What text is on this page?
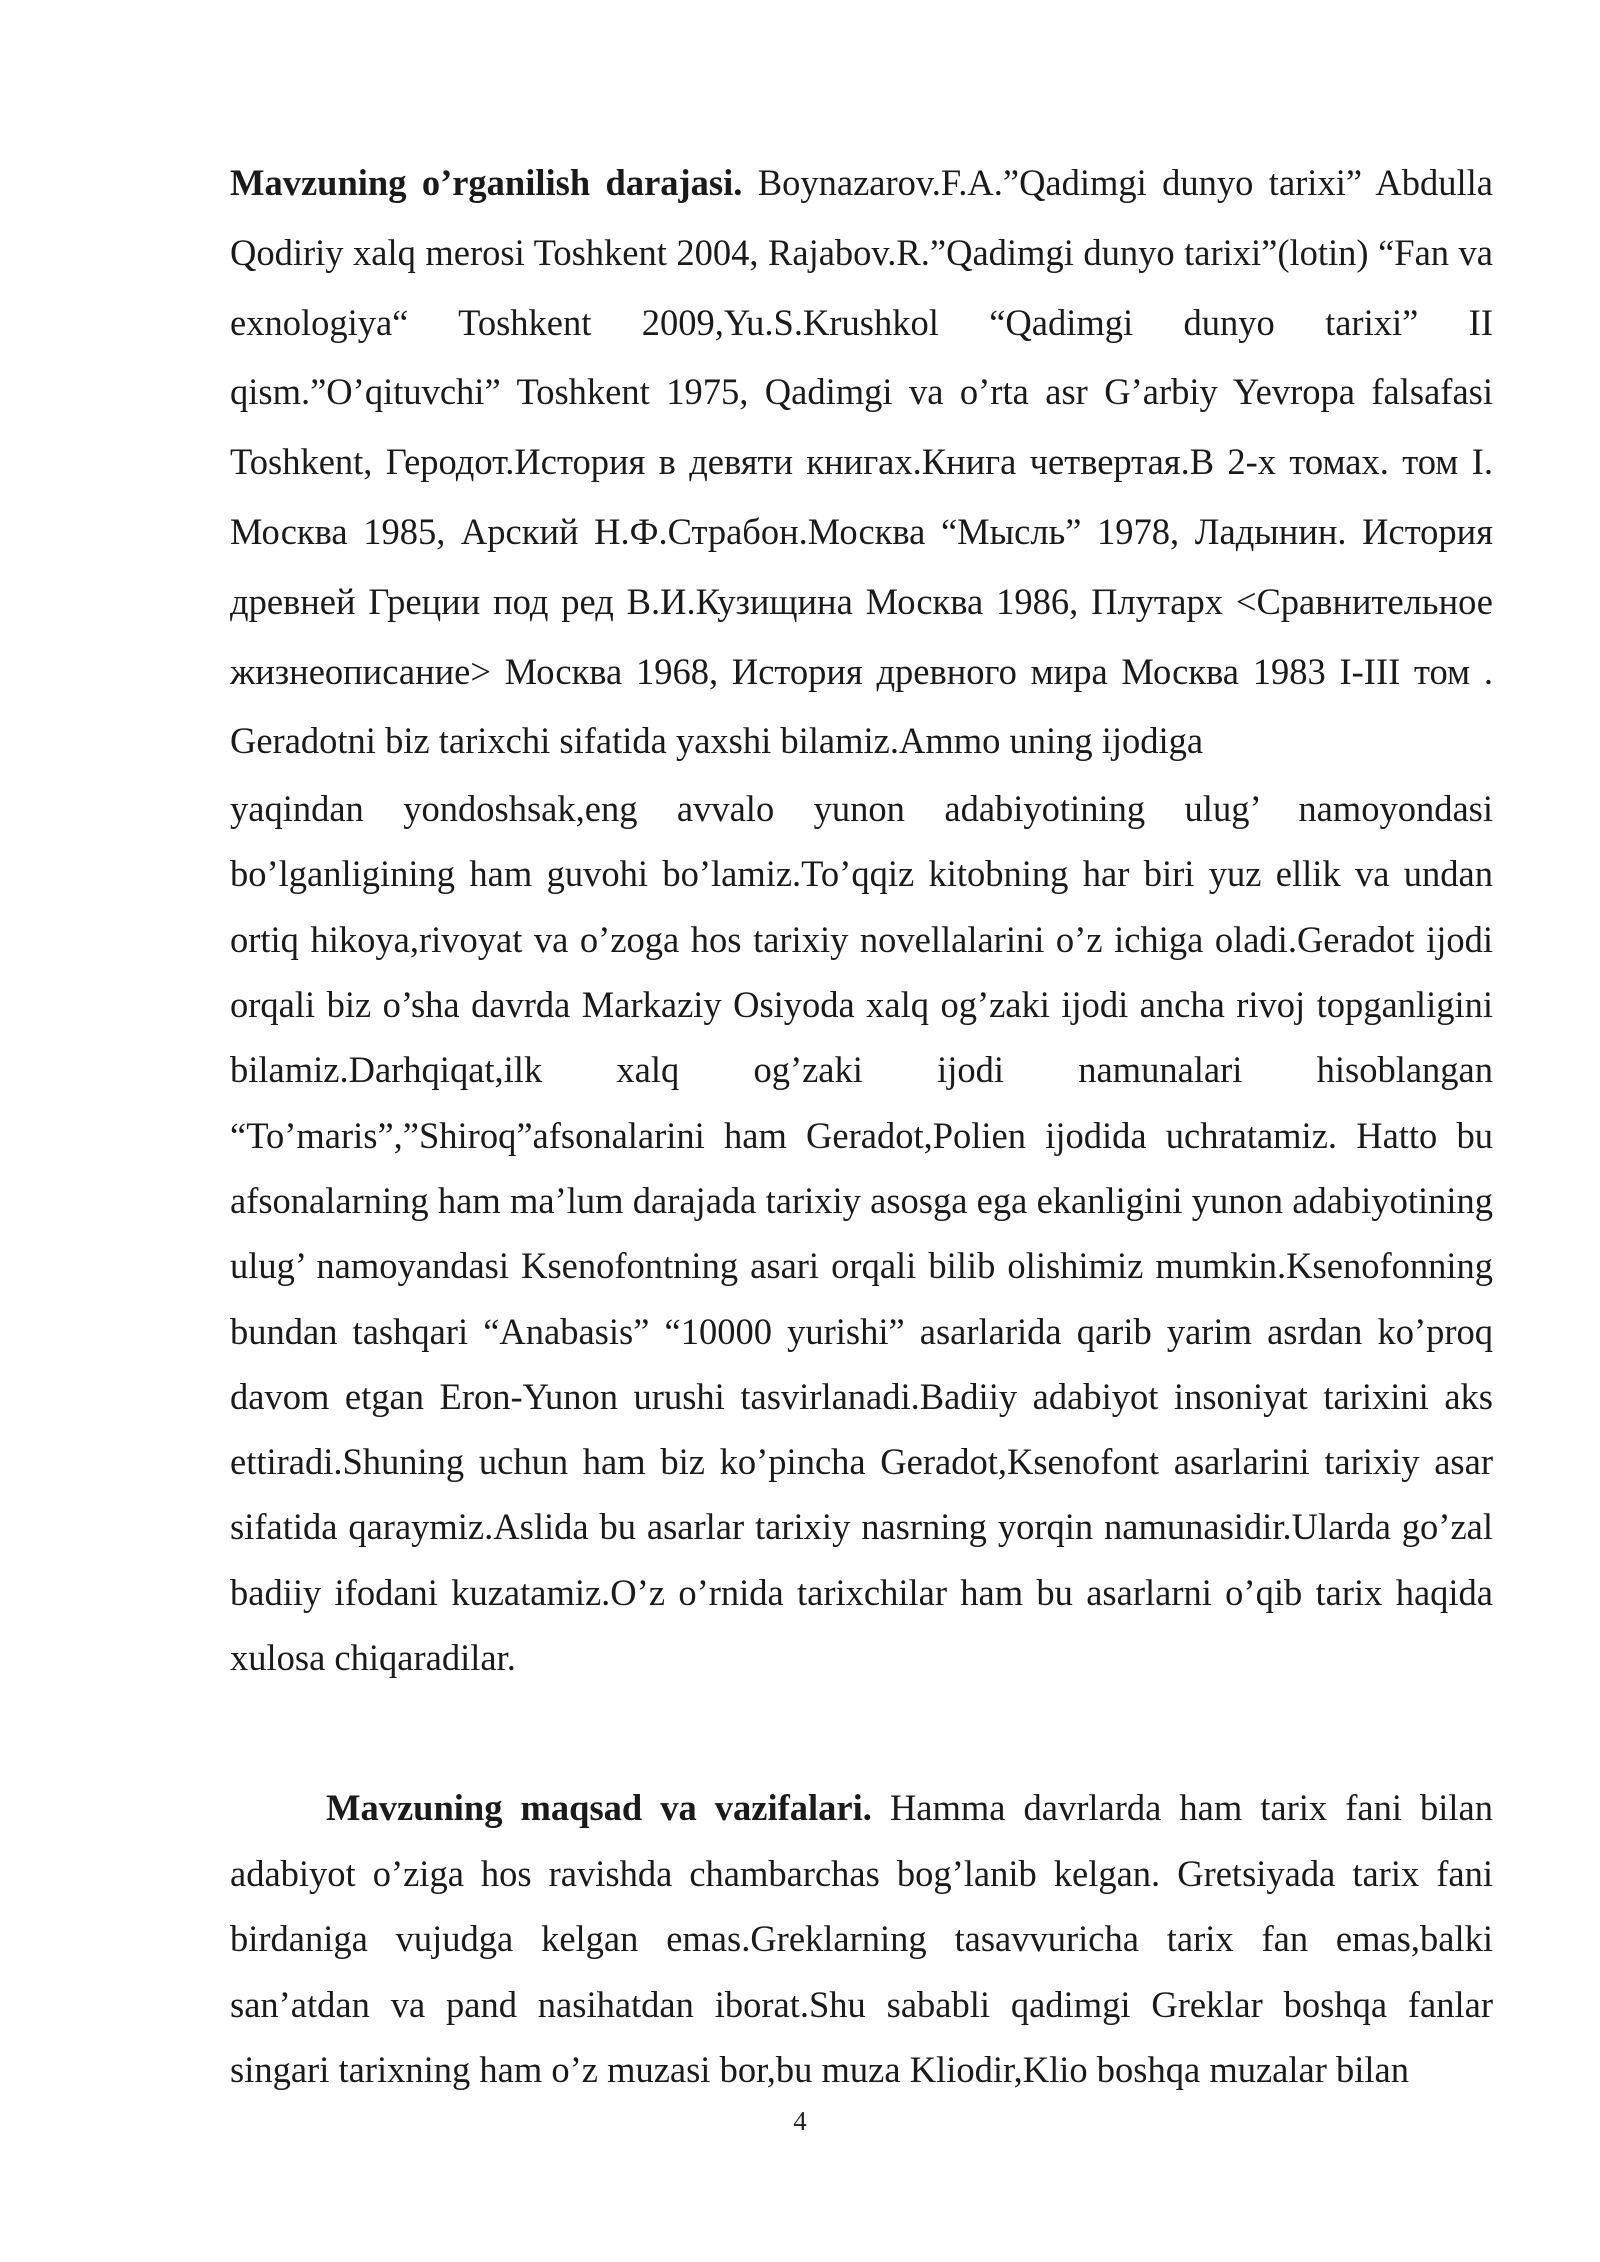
Mavzuning o’rganilish darajasi. Boynazarov.F.A.”Qadimgi dunyo tarixi” Abdulla Qodiriy xalq merosi Toshkent 2004, Rajabov.R.”Qadimgi dunyo tarixi”(lotin) “Fan va exnologiya“ Toshkent 2009,Yu.S.Krushkol “Qadimgi dunyo tarixi” II qism.”O’qituvchi” Toshkent 1975, Qadimgi va o’rta asr G’arbiy Yevropa falsafasi Toshkent, Геродот.История в девяти книгах.Книга четвертая.В 2-х томах. том I. Москва 1985, Арский Н.Ф.Страбон.Москва “Мысль” 1978, Ладынин. История древней Греции под ред В.И.Кузищина Москва 1986, Плутарх <Сравнительное жизнеописание> Москва 1968, История древного мира Москва 1983 I-III том . Geradotni biz tarixchi sifatida yaxshi bilamiz.Ammo uning ijodiga
yaqindan yondoshsak,eng avvalo yunon adabiyotining ulug’ namoyondasi bo’lganligining ham guvohi bo’lamiz.To’qqiz kitobning har biri yuz ellik va undan ortiq hikoya,rivoyat va o’zoga hos tarixiy novellalarini o’z ichiga oladi.Geradot ijodi orqali biz o’sha davrda Markaziy Osiyoda xalq og’zaki ijodi ancha rivoj topganligini bilamiz.Darhqiqat,ilk xalq og’zaki ijodi namunalari hisoblangan “To’maris”,”Shiroq”afsonalarini ham Geradot,Polien ijodida uchratamiz. Hatto bu afsonalarning ham ma’lum darajada tarixiy asosga ega ekanligini yunon adabiyotining ulug’ namoyandasi Ksenofontning asari orqali bilib olishimiz mumkin.Ksenofonning bundan tashqari “Anabasis” “10000 yurishi” asarlarida qarib yarim asrdan ko’proq davom etgan Eron-Yunon urushi tasvirlanadi.Badiiy adabiyot insoniyat tarixini aks ettiradi.Shuning uchun ham biz ko’pincha Geradot,Ksenofont asarlarini tarixiy asar sifatida qaraymiz.Aslida bu asarlar tarixiy nasrning yorqin namunasidir.Ularda go’zal badiiy ifodani kuzatamiz.O’z o’rnida tarixchilar ham bu asarlarni o’qib tarix haqida xulosa chiqaradilar.
Mavzuning maqsad va vazifalari. Hamma davrlarda ham tarix fani bilan adabiyot o’ziga hos ravishda chambarchas bog’lanib kelgan. Gretsiyada tarix fani birdaniga vujudga kelgan emas.Greklarning tasavvuricha tarix fan emas,balki san’atdan va pand nasihatdan iborat.Shu sababli qadimgi Greklar boshqa fanlar singari tarixning ham o’z muzasi bor,bu muza Kliodir,Klio boshqa muzalar bilan
4
